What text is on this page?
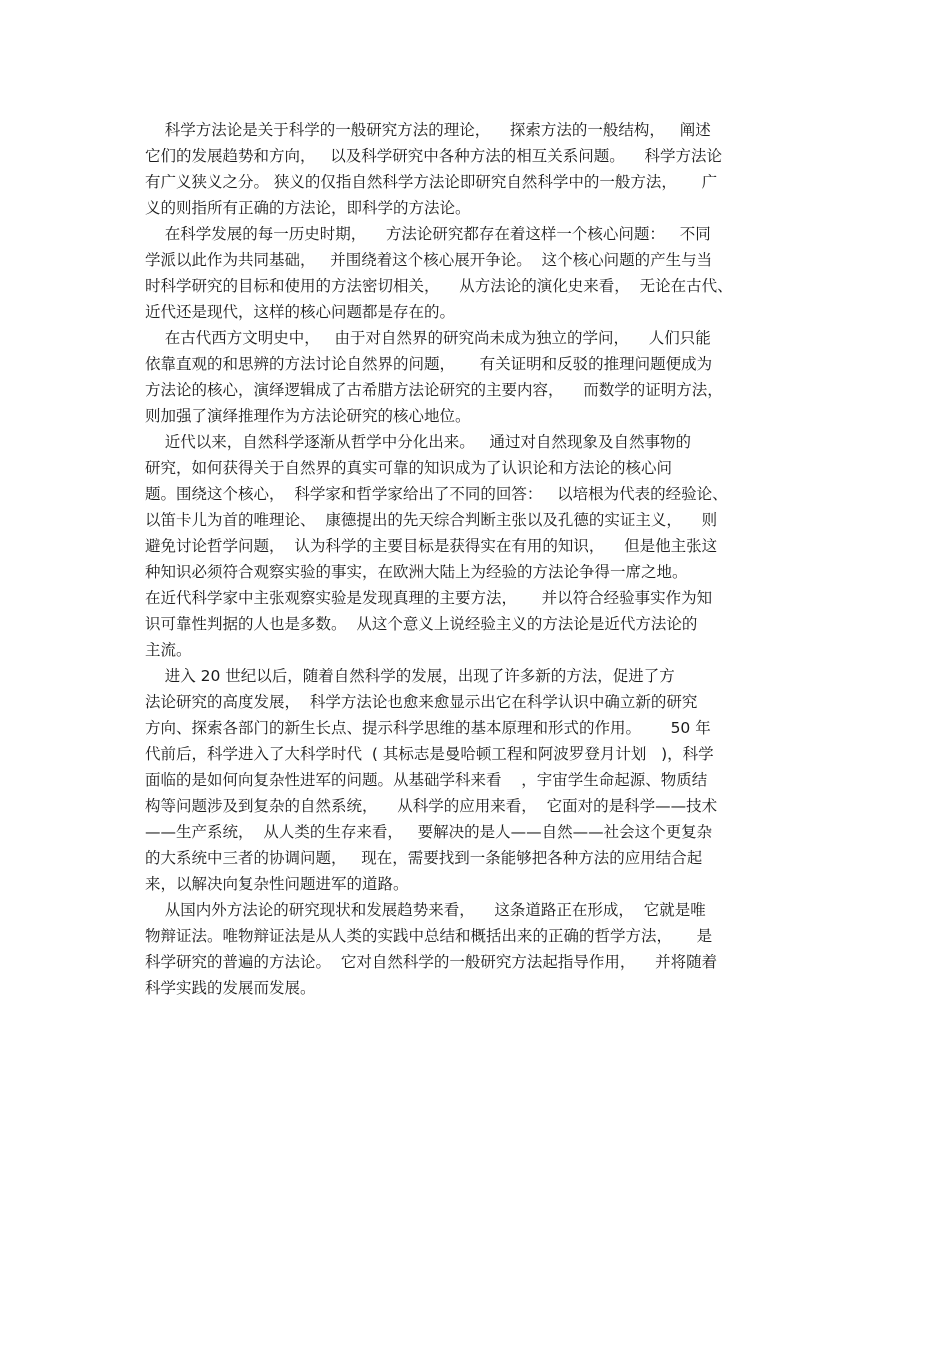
科学方法论是关于科学的一般研究方法的理论，    探索方法的一般结构，   阐述
它们的发展趋势和方向，   以及科学研究中各种方法的相互关系问题。    科学方法论
有广义狭义之分。 狭义的仅指自然科学方法论即研究自然科学中的一般方法，     广
义的则指所有正确的方法论，即科学的方法论。
在科学发展的每一历史时期，    方法论研究都存在着这样一个核心问题：   不同
学派以此作为共同基础，   并围绕着这个核心展开争论。  这个核心问题的产生与当
时科学研究的目标和使用的方法密切相关，    从方法论的演化史来看，  无论在古代、
近代还是现代，这样的核心问题都是存在的。
在古代西方文明史中，   由于对自然界的研究尚未成为独立的学问，    人们只能
依靠直观的和思辨的方法讨论自然界的问题，     有关证明和反驳的推理问题便成为
方法论的核心，演绎逻辑成了古希腊方法论研究的主要内容，    而数学的证明方法，
则加强了演绎推理作为方法论研究的核心地位。
近代以来，自然科学逐渐从哲学中分化出来。   通过对自然现象及自然事物的
研究，如何获得关于自然界的真实可靠的知识成为了认识论和方法论的核心问
题。围绕这个核心，  科学家和哲学家给出了不同的回答：   以培根为代表的经验论、
以笛卡儿为首的唯理论、  康德提出的先天综合判断主张以及孔德的实证主义，    则
避免讨论哲学问题，  认为科学的主要目标是获得实在有用的知识，    但是他主张这
种知识必须符合观察实验的事实，在欧洲大陆上为经验的方法论争得一席之地。
在近代科学家中主张观察实验是发现真理的主要方法，     并以符合经验事实作为知
识可靠性判据的人也是多数。  从这个意义上说经验主义的方法论是近代方法论的
主流。
进入 20 世纪以后，随着自然科学的发展，出现了许多新的方法，促进了方
法论研究的高度发展，  科学方法论也愈来愈显示出它在科学认识中确立新的研究
方向、探索各部门的新生长点、提示科学思维的基本原理和形式的作用。      50 年
代前后，科学进入了大科学时代  ( 其标志是曼哈顿工程和阿波罗登月计划   )，科学
面临的是如何向复杂性进军的问题。从基础学科来看    ，宇宙学生命起源、物质结
构等问题涉及到复杂的自然系统，    从科学的应用来看，  它面对的是科学——技术
——生产系统，  从人类的生存来看，   要解决的是人——自然——社会这个更复杂
的大系统中三者的协调问题，   现在，需要找到一条能够把各种方法的应用结合起
来，以解决向复杂性问题进军的道路。
从国内外方法论的研究现状和发展趋势来看，    这条道路正在形成，  它就是唯
物辩证法。唯物辩证法是从人类的实践中总结和概括出来的正确的哲学方法，     是
科学研究的普遍的方法论。  它对自然科学的一般研究方法起指导作用，    并将随着
科学实践的发展而发展。
